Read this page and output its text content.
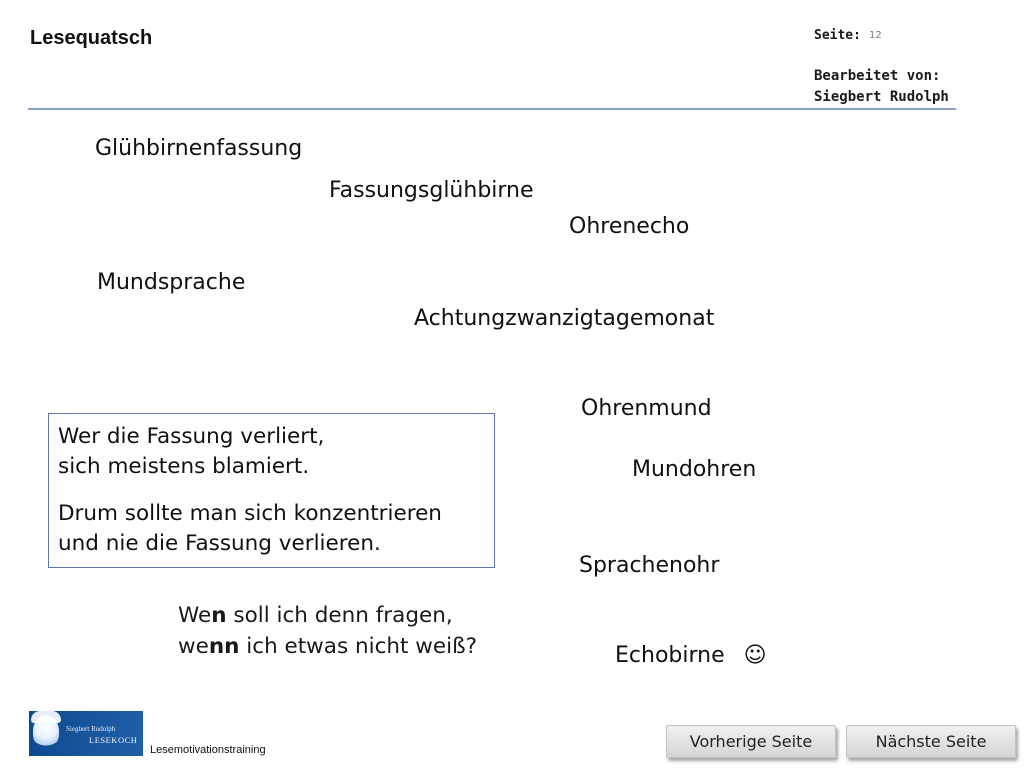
Lesequatsch	Seite: 12
Bearbeitet von:
Siegbert Rudolph
Glühbirnenfassung
Fassungsglühbirne
Ohrenecho
Mundsprache
Achtungzwanzigtagemonat
Ohrenmund
Mundohren
Sprachenohr
Echobirne ☺
Wer die Fassung verliert,
sich meistens blamiert.
Drum sollte man sich konzentrieren
und nie die Fassung verlieren.
Wen soll ich denn fragen,
wenn ich etwas nicht weiß?
Siegbert Rudolph
LESEKOCH
Lesemotivationstraining	Vorherige Seite	Nächste Seite
